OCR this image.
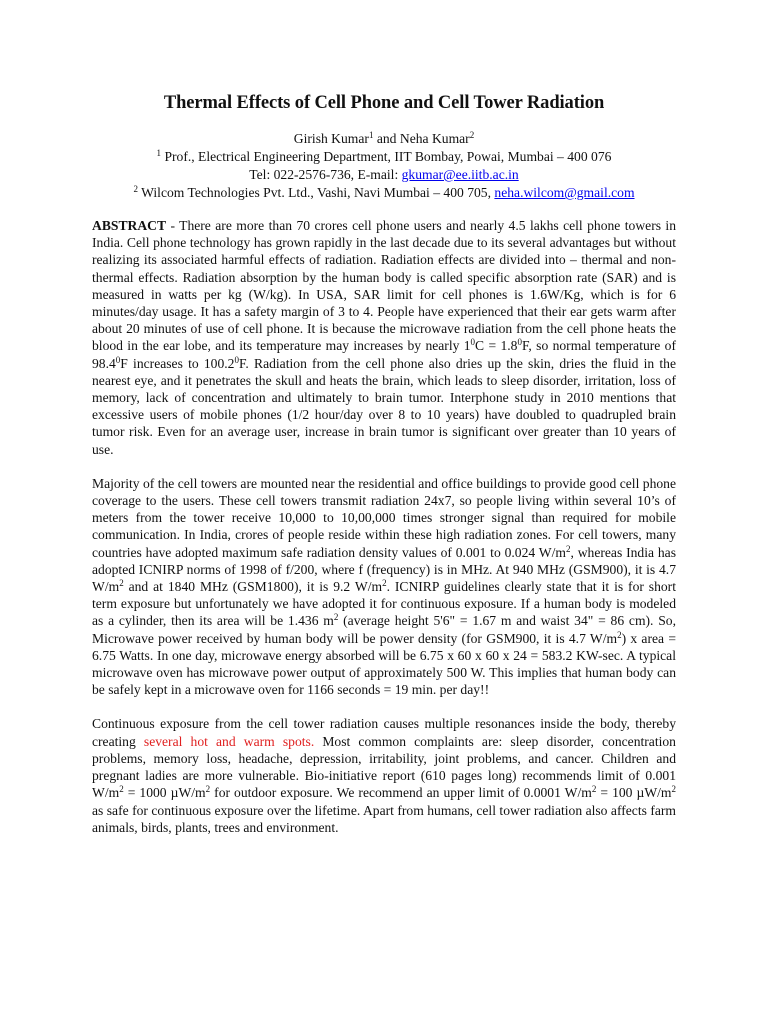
Thermal Effects of Cell Phone and Cell Tower Radiation
Girish Kumar$^1$ and Neha Kumar$^2$
$^1$ Prof., Electrical Engineering Department, IIT Bombay, Powai, Mumbai – 400 076
Tel: 022-2576-736, E-mail: gkumar@ee.iitb.ac.in
$^2$ Wilcom Technologies Pvt. Ltd., Vashi, Navi Mumbai – 400 705, neha.wilcom@gmail.com

ABSTRACT - There are more than 70 crores cell phone users and nearly 4.5 lakhs cell phone towers in India. Cell phone technology has grown rapidly in the last decade due to its several advantages but without realizing its associated harmful effects of radiation. Radiation effects are divided into – thermal and non-thermal effects. Radiation absorption by the human body is called specific absorption rate (SAR) and is measured in watts per kg (W/kg). In USA, SAR limit for cell phones is 1.6W/Kg, which is for 6 minutes/day usage. It has a safety margin of 3 to 4. People have experienced that their ear gets warm after about 20 minutes of use of cell phone. It is because the microwave radiation from the cell phone heats the blood in the ear lobe, and its temperature may increases by nearly $1^0C = 1.8^0F$, so normal temperature of 98.4$^0$F increases to 100.2$^0$F. Radiation from the cell phone also dries up the skin, dries the fluid in the nearest eye, and it penetrates the skull and heats the brain, which leads to sleep disorder, irritation, loss of memory, lack of concentration and ultimately to brain tumor. Interphone study in 2010 mentions that excessive users of mobile phones (1/2 hour/day over 8 to 10 years) have doubled to quadrupled brain tumor risk. Even for an average user, increase in brain tumor is significant over greater than 10 years of use.

Majority of the cell towers are mounted near the residential and office buildings to provide good cell phone coverage to the users. These cell towers transmit radiation 24x7, so people living within several 10’s of meters from the tower receive 10,000 to 10,00,000 times stronger signal than required for mobile communication. In India, crores of people reside within these high radiation zones. For cell towers, many countries have adopted maximum safe radiation density values of 0.001 to 0.024 $W/m^2$, whereas India has adopted ICNIRP norms of 1998 of f/200, where f (frequency) is in MHz. At 940 MHz (GSM900), it is 4.7 $W/m^2$ and at 1840 MHz (GSM1800), it is 9.2 $W/m^2$. ICNIRP guidelines clearly state that it is for short term exposure but unfortunately we have adopted it for continuous exposure. If a human body is modeled as a cylinder, then its area will be 1.436 $m^2$ (average height 5'6" = 1.67 m and waist 34" = 86 cm). So, Microwave power received by human body will be power density (for GSM900, it is 4.7 $W/m^2$) x area = 6.75 Watts. In one day, microwave energy absorbed will be 6.75 x 60 x 60 x 24 = 583.2 KW-sec. A typical microwave oven has microwave power output of approximately 500 W. This implies that human body can be safely kept in a microwave oven for 1166 seconds = 19 min. per day!!

Continuous exposure from the cell tower radiation causes multiple resonances inside the body, thereby creating several hot and warm spots. Most common complaints are: sleep disorder, concentration problems, memory loss, headache, depression, irritability, joint problems, and cancer. Children and pregnant ladies are more vulnerable. Bio-initiative report (610 pages long) recommends limit of 0.001 $W/m^2 = 1000$ $\mu W/m^2$ for outdoor exposure. We recommend an upper limit of 0.0001 $W/m^2 = 100$ $\mu W/m^2$ as safe for continuous exposure over the lifetime. Apart from humans, cell tower radiation also affects farm animals, birds, plants, trees and environment.
